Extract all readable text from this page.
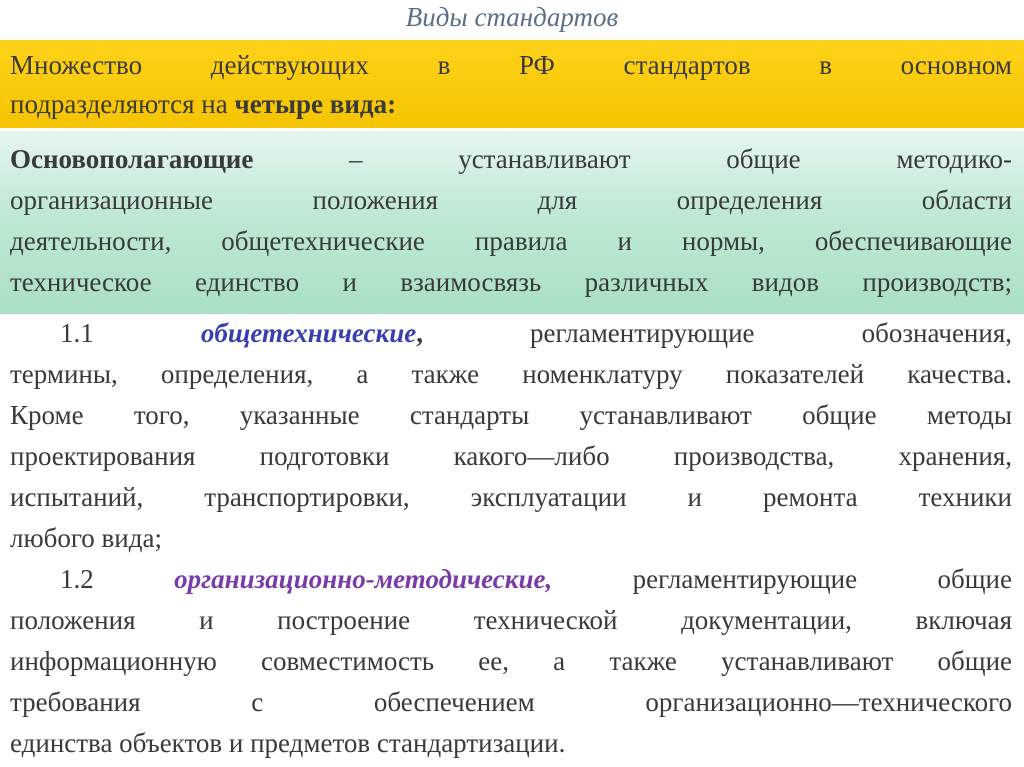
Виды стандартов
Множество действующих в РФ стандартов в основном
подразделяются на четыре вида:
Основополагающие – устанавливают общие методико-
организационные положения для определения области
деятельности, общетехнические правила и нормы, обеспечивающие
техническое единство и взаимосвязь различных видов производств;
1.1 общетехнические, регламентирующие обозначения,
термины, определения, а также номенклатуру показателей качества.
Кроме того, указанные стандарты устанавливают общие методы
проектирования подготовки какого—либо производства, хранения,
испытаний, транспортировки, эксплуатации и ремонта техники
любого вида;
1.2 организационно-методические, регламентирующие общие
положения и построение технической документации, включая
информационную совместимость ее, а также устанавливают общие
требования с обеспечением организационно—технического
единства объектов и предметов стандартизации.
